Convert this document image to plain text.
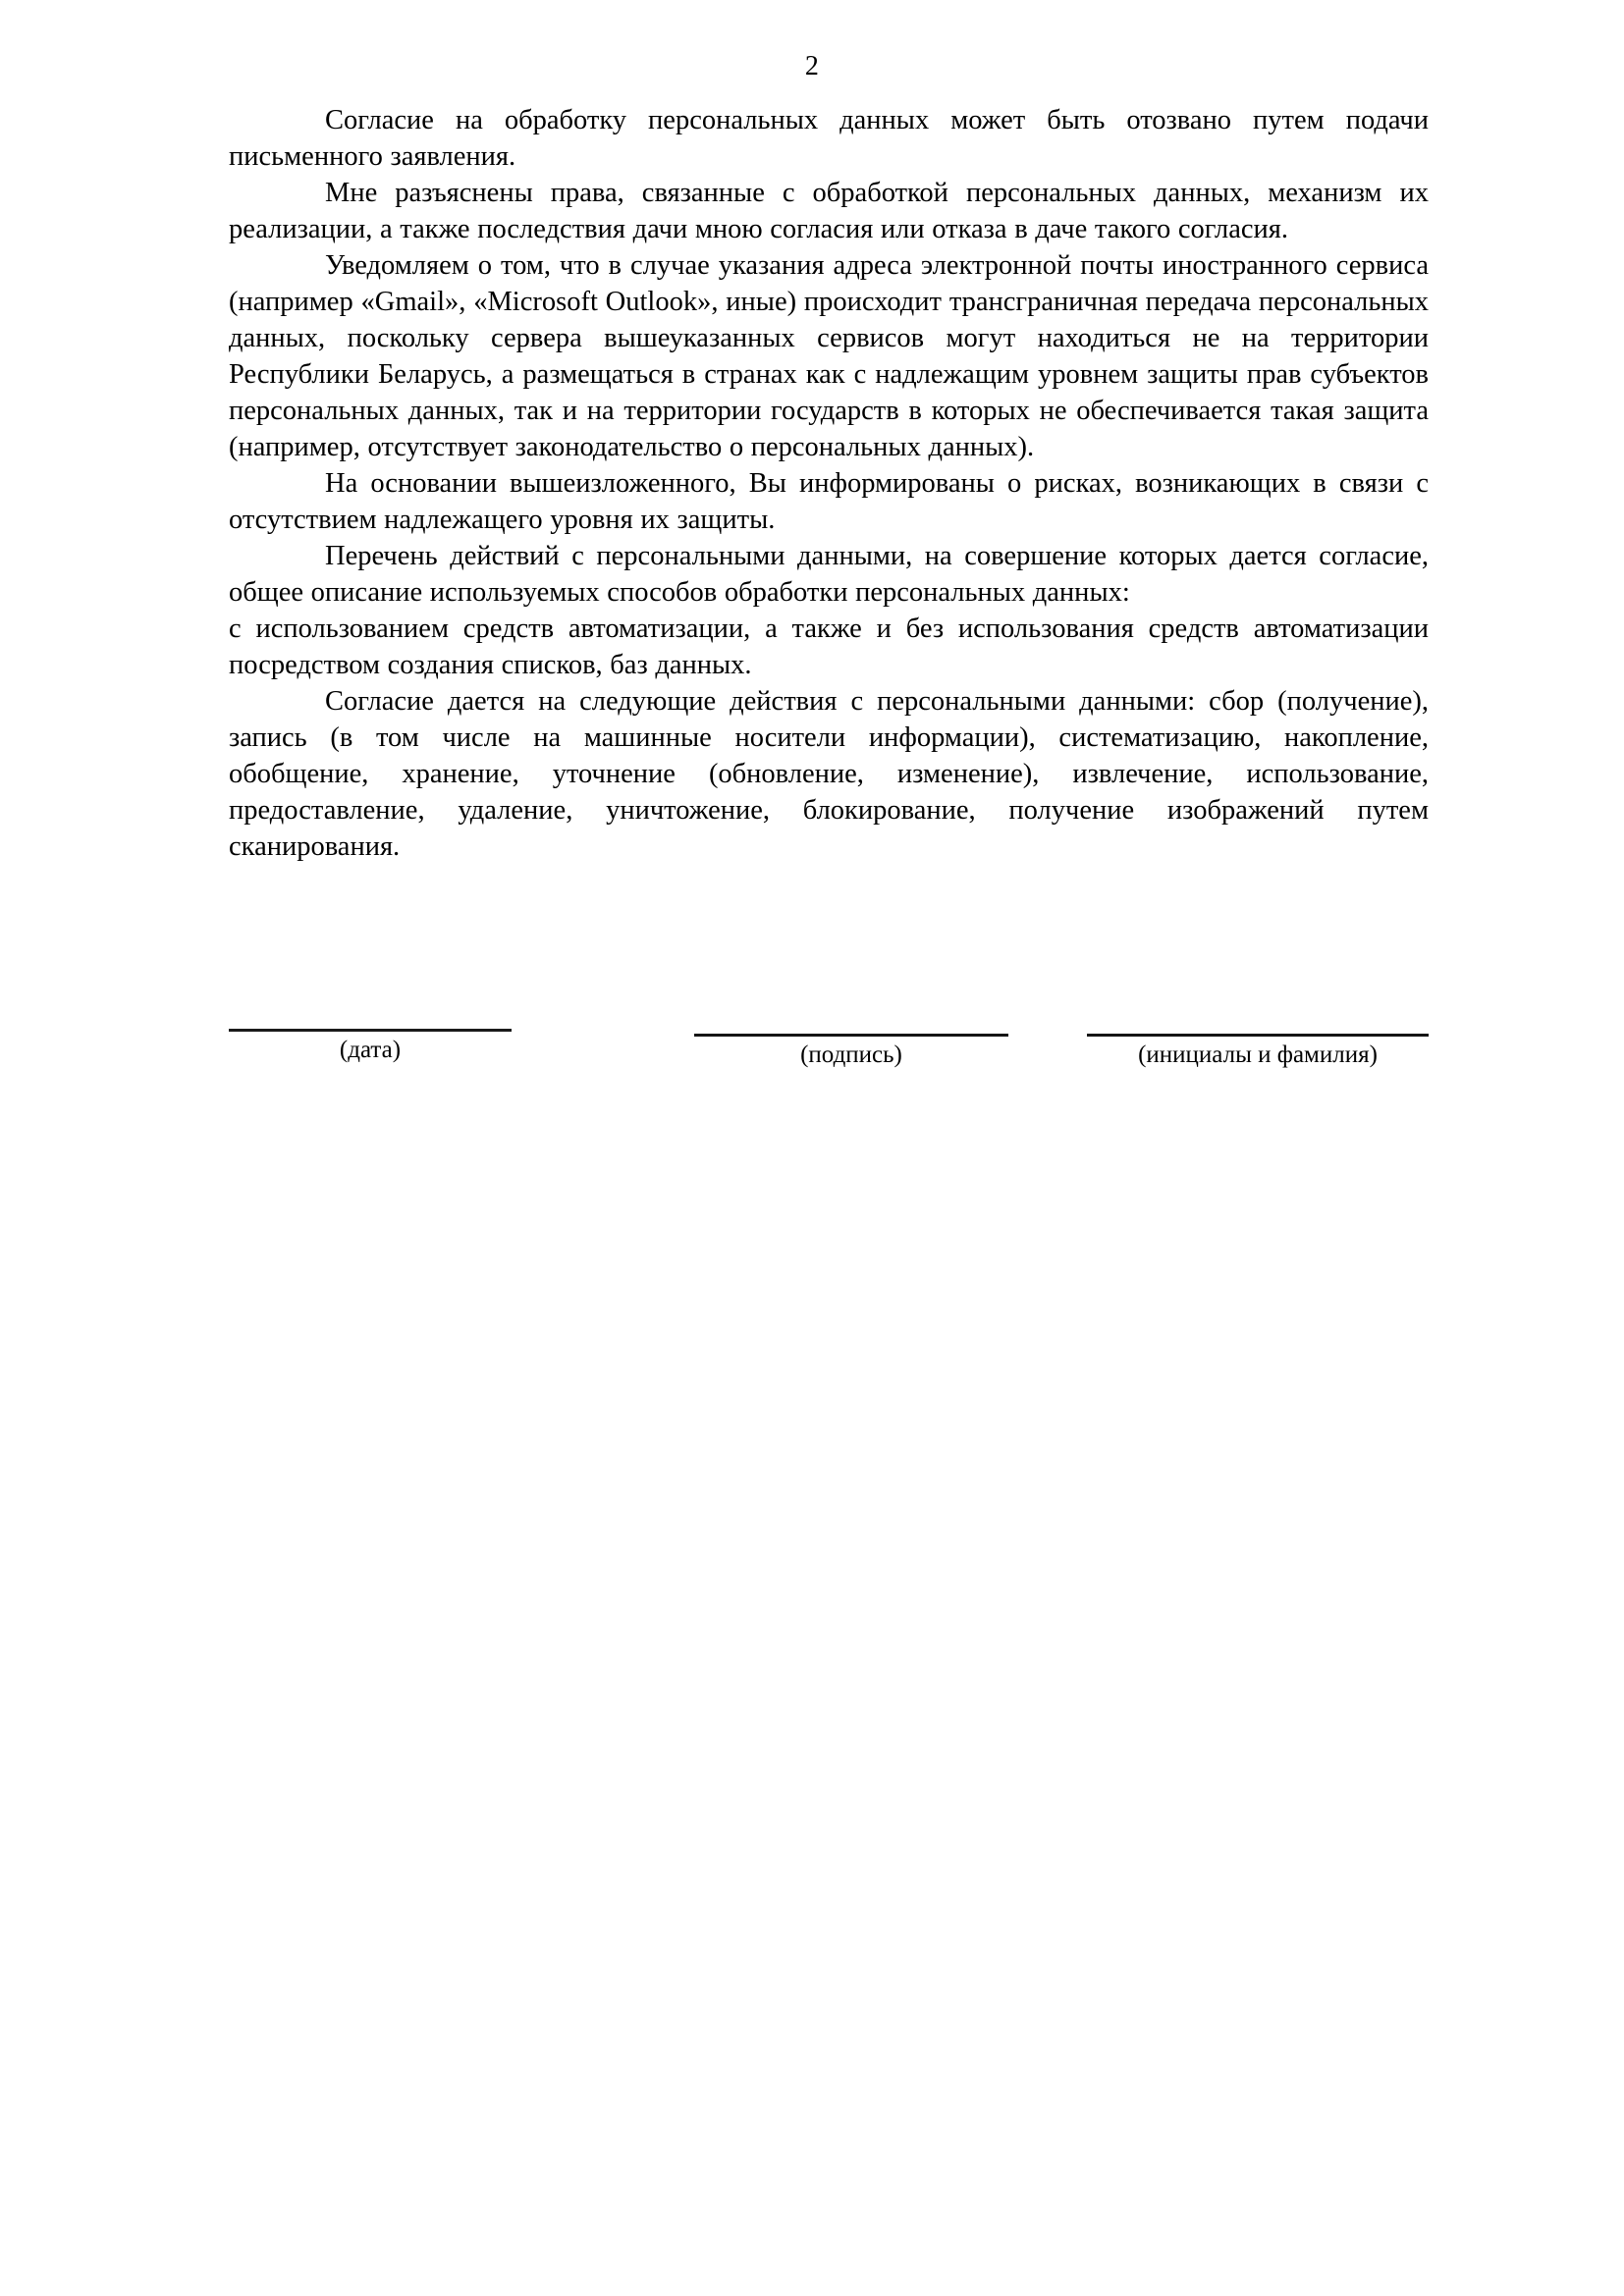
2

Согласие на обработку персональных данных может быть отозвано путем подачи письменного заявления.

Мне разъяснены права, связанные с обработкой персональных данных, механизм их реализации, а также последствия дачи мною согласия или отказа в даче такого согласия.

Уведомляем о том, что в случае указания адреса электронной почты иностранного сервиса (например «Gmail», «Microsoft Outlook», иные) происходит трансграничная передача персональных данных, поскольку сервера вышеуказанных сервисов могут находиться не на территории Республики Беларусь, а размещаться в странах как с надлежащим уровнем защиты прав субъектов персональных данных, так и на территории государств в которых не обеспечивается такая защита (например, отсутствует законодательство о персональных данных).

На основании вышеизложенного, Вы информированы о рисках, возникающих в связи с отсутствием надлежащего уровня их защиты.

Перечень действий с персональными данными, на совершение которых дается согласие, общее описание используемых способов обработки персональных данных:

с использованием средств автоматизации, а также и без использования средств автоматизации посредством создания списков, баз данных.

Согласие дается на следующие действия с персональными данными: сбор (получение), запись (в том числе на машинные носители информации), систематизацию, накопление, обобщение, хранение, уточнение (обновление, изменение), извлечение, использование, предоставление, удаление, уничтожение, блокирование, получение изображений путем сканирования.

(дата)	(подпись)	(инициалы и фамилия)
